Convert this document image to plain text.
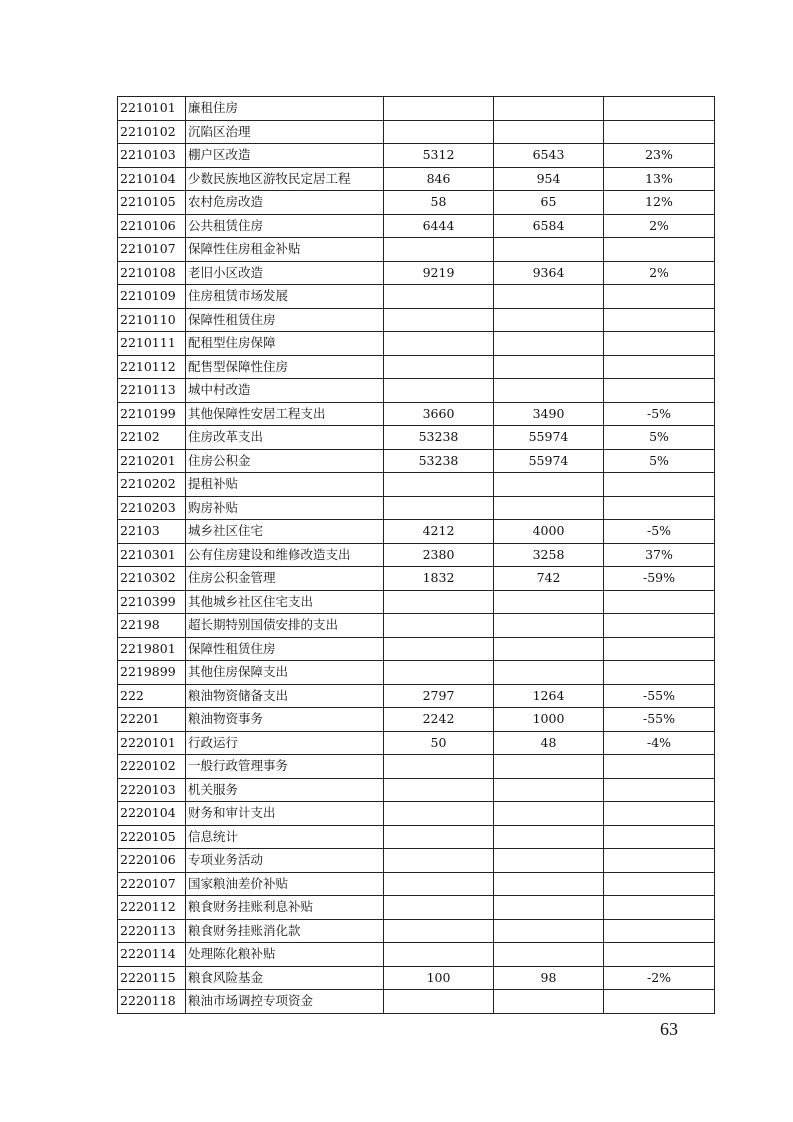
2210101	廉租住房			
2210102	沉陷区治理			
2210103	棚户区改造	5312	6543	23%
2210104	少数民族地区游牧民定居工程	846	954	13%
2210105	农村危房改造	58	65	12%
2210106	公共租赁住房	6444	6584	2%
2210107	保障性住房租金补贴			
2210108	老旧小区改造	9219	9364	2%
2210109	住房租赁市场发展			
2210110	保障性租赁住房			
2210111	配租型住房保障			
2210112	配售型保障性住房			
2210113	城中村改造			
2210199	其他保障性安居工程支出	3660	3490	-5%
22102	住房改革支出	53238	55974	5%
2210201	住房公积金	53238	55974	5%
2210202	提租补贴			
2210203	购房补贴			
22103	城乡社区住宅	4212	4000	-5%
2210301	公有住房建设和维修改造支出	2380	3258	37%
2210302	住房公积金管理	1832	742	-59%
2210399	其他城乡社区住宅支出			
22198	超长期特别国债安排的支出			
2219801	保障性租赁住房			
2219899	其他住房保障支出			
222	粮油物资储备支出	2797	1264	-55%
22201	粮油物资事务	2242	1000	-55%
2220101	行政运行	50	48	-4%
2220102	一般行政管理事务			
2220103	机关服务			
2220104	财务和审计支出			
2220105	信息统计			
2220106	专项业务活动			
2220107	国家粮油差价补贴			
2220112	粮食财务挂账利息补贴			
2220113	粮食财务挂账消化款			
2220114	处理陈化粮补贴			
2220115	粮食风险基金	100	98	-2%
2220118	粮油市场调控专项资金			
63
